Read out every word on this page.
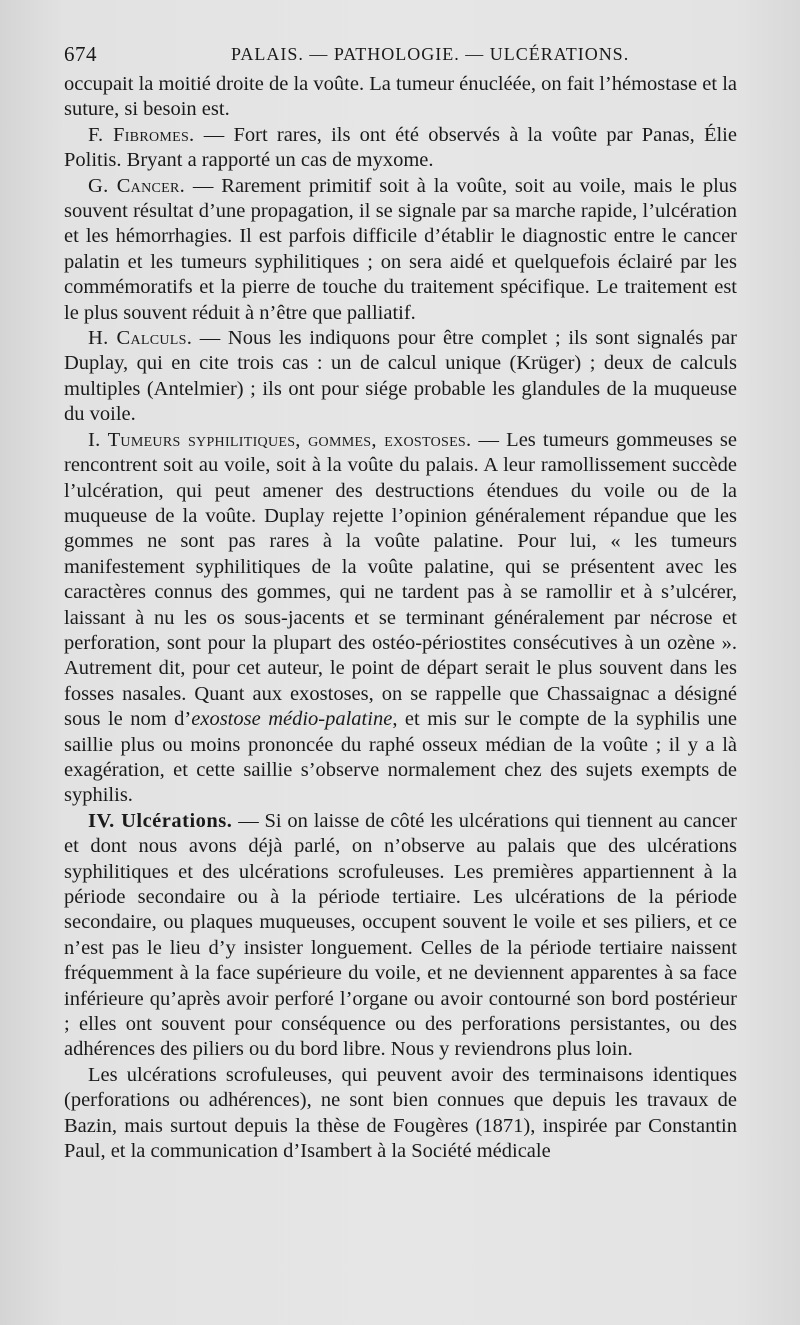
674	PALAIS. — PATHOLOGIE. — ULCÉRATIONS.

occupait la moitié droite de la voûte. La tumeur énucléée, on fait l’hémostase et la suture, si besoin est.

F. Fibromes. — Fort rares, ils ont été observés à la voûte par Panas, Élie Politis. Bryant a rapporté un cas de myxome.

G. Cancer. — Rarement primitif soit à la voûte, soit au voile, mais le plus souvent résultat d’une propagation, il se signale par sa marche rapide, l’ulcération et les hémorrhagies. Il est parfois difficile d’établir le diagnostic entre le cancer palatin et les tumeurs syphilitiques ; on sera aidé et quelquefois éclairé par les commémoratifs et la pierre de touche du traitement spécifique. Le traitement est le plus souvent réduit à n’être que palliatif.

H. Calculs. — Nous les indiquons pour être complet ; ils sont signalés par Duplay, qui en cite trois cas : un de calcul unique (Krüger) ; deux de calculs multiples (Antelmier) ; ils ont pour siége probable les glandules de la muqueuse du voile.

I. Tumeurs syphilitiques, gommes, exostoses. — Les tumeurs gommeuses se rencontrent soit au voile, soit à la voûte du palais. A leur ramollissement succède l’ulcération, qui peut amener des destructions étendues du voile ou de la muqueuse de la voûte. Duplay rejette l’opinion généralement répandue que les gommes ne sont pas rares à la voûte palatine. Pour lui, « les tumeurs manifestement syphilitiques de la voûte palatine, qui se présentent avec les caractères connus des gommes, qui ne tardent pas à se ramollir et à s’ulcérer, laissant à nu les os sous-jacents et se terminant généralement par nécrose et perforation, sont pour la plupart des ostéo-périostites consécutives à un ozène ». Autrement dit, pour cet auteur, le point de départ serait le plus souvent dans les fosses nasales. Quant aux exostoses, on se rappelle que Chassaignac a désigné sous le nom d’exostose médio-palatine, et mis sur le compte de la syphilis une saillie plus ou moins prononcée du raphé osseux médian de la voûte ; il y a là exagération, et cette saillie s’observe normalement chez des sujets exempts de syphilis.

IV. Ulcérations. — Si on laisse de côté les ulcérations qui tiennent au cancer et dont nous avons déjà parlé, on n’observe au palais que des ulcérations syphilitiques et des ulcérations scrofuleuses. Les premières appartiennent à la période secondaire ou à la période tertiaire. Les ulcérations de la période secondaire, ou plaques muqueuses, occupent souvent le voile et ses piliers, et ce n’est pas le lieu d’y insister longuement. Celles de la période tertiaire naissent fréquemment à la face supérieure du voile, et ne deviennent apparentes à sa face inférieure qu’après avoir perforé l’organe ou avoir contourné son bord postérieur ; elles ont souvent pour conséquence ou des perforations persistantes, ou des adhérences des piliers ou du bord libre. Nous y reviendrons plus loin.

Les ulcérations scrofuleuses, qui peuvent avoir des terminaisons identiques (perforations ou adhérences), ne sont bien connues que depuis les travaux de Bazin, mais surtout depuis la thèse de Fougères (1871), inspirée par Constantin Paul, et la communication d’Isambert à la Société médicale
